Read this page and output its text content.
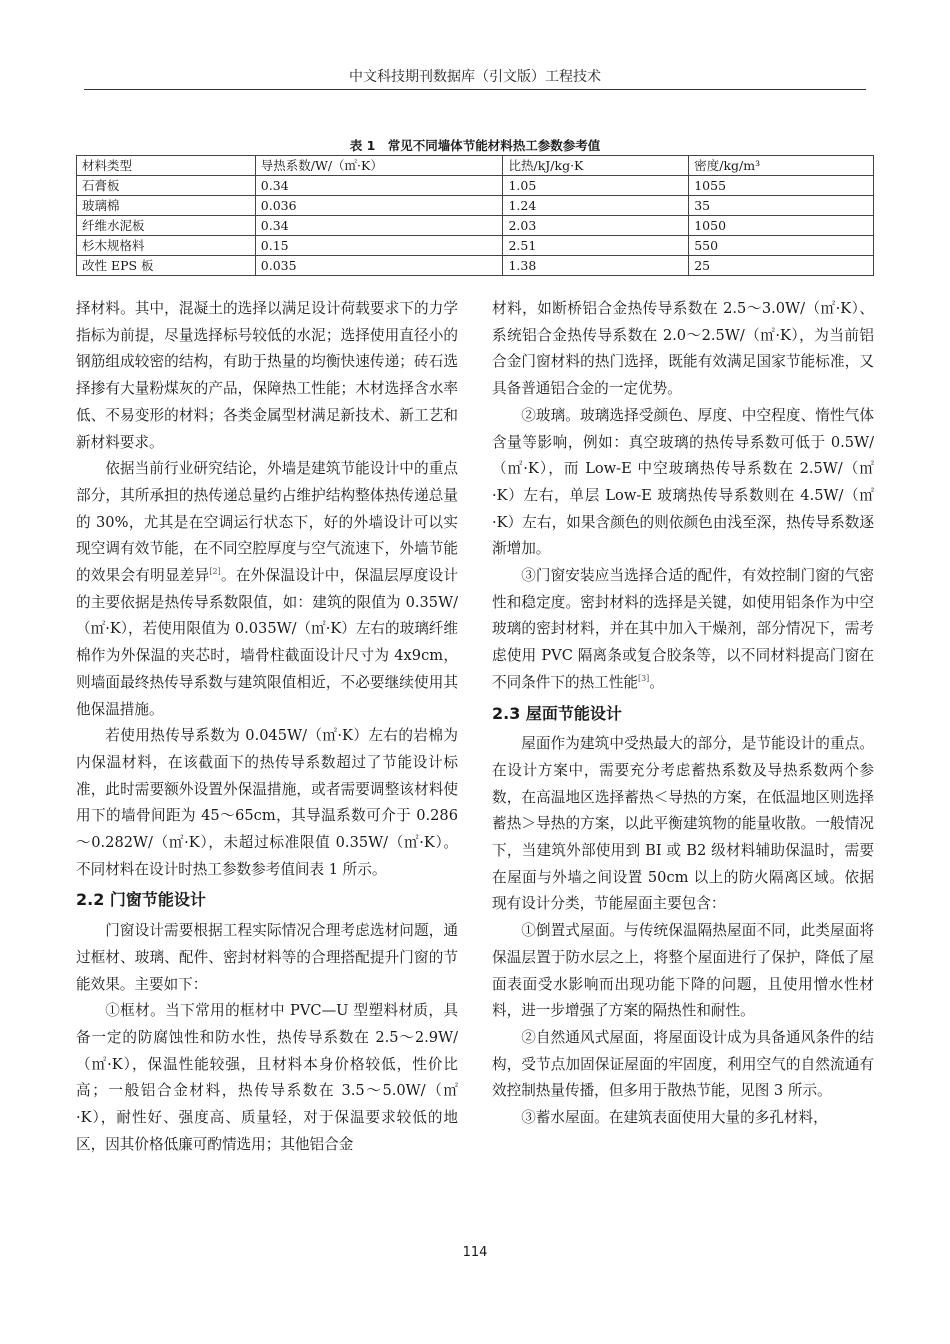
中文科技期刊数据库（引文版）工程技术
表 1　常见不同墙体节能材料热工参数参考值
材料类型	导热系数/W/（㎡·K）	比热/kJ/kg·K	密度/kg/m³
石膏板	0.34	1.05	1055
玻璃棉	0.036	1.24	35
纤维水泥板	0.34	2.03	1050
杉木规格料	0.15	2.51	550
改性 EPS 板	0.035	1.38	25

择材料。其中，混凝土的选择以满足设计荷载要求下的力学指标为前提，尽量选择标号较低的水泥；选择使用直径小的钢筋组成较密的结构，有助于热量的均衡快速传递；砖石选择掺有大量粉煤灰的产品，保障热工性能；木材选择含水率低、不易变形的材料；各类金属型材满足新技术、新工艺和新材料要求。

依据当前行业研究结论，外墙是建筑节能设计中的重点部分，其所承担的热传递总量约占维护结构整体热传递总量的 30%，尤其是在空调运行状态下，好的外墙设计可以实现空调有效节能，在不同空腔厚度与空气流速下，外墙节能的效果会有明显差异[2]。在外保温设计中，保温层厚度设计的主要依据是热传导系数限值，如：建筑的限值为 0.35W/（㎡·K），若使用限值为 0.035W/（㎡·K）左右的玻璃纤维棉作为外保温的夹芯时，墙骨柱截面设计尺寸为 4x9cm，则墙面最终热传导系数与建筑限值相近，不必要继续使用其他保温措施。

若使用热传导系数为 0.045W/（㎡·K）左右的岩棉为内保温材料，在该截面下的热传导系数超过了节能设计标准，此时需要额外设置外保温措施，或者需要调整该材料使用下的墙骨间距为 45～65cm，其导温系数可介于 0.286～0.282W/（㎡·K），未超过标准限值 0.35W/（㎡·K）。不同材料在设计时热工参数参考值间表 1 所示。

2.2 门窗节能设计

门窗设计需要根据工程实际情况合理考虑选材问题，通过框材、玻璃、配件、密封材料等的合理搭配提升门窗的节能效果。主要如下：

①框材。当下常用的框材中 PVC—U 型塑料材质，具备一定的防腐蚀性和防水性，热传导系数在 2.5～2.9W/（㎡·K），保温性能较强，且材料本身价格较低，性价比高；一般铝合金材料，热传导系数在 3.5～5.0W/（㎡·K），耐性好、强度高、质量轻，对于保温要求较低的地区，因其价格低廉可酌情选用；其他铝合金

材料，如断桥铝合金热传导系数在 2.5～3.0W/（㎡·K）、系统铝合金热传导系数在 2.0～2.5W/（㎡·K），为当前铝合金门窗材料的热门选择，既能有效满足国家节能标准，又具备普通铝合金的一定优势。

②玻璃。玻璃选择受颜色、厚度、中空程度、惰性气体含量等影响，例如：真空玻璃的热传导系数可低于 0.5W/（㎡·K），而 Low-E 中空玻璃热传导系数在 2.5W/（㎡·K）左右，单层 Low-E 玻璃热传导系数则在 4.5W/（㎡·K）左右，如果含颜色的则依颜色由浅至深，热传导系数逐渐增加。

③门窗安装应当选择合适的配件，有效控制门窗的气密性和稳定度。密封材料的选择是关键，如使用铝条作为中空玻璃的密封材料，并在其中加入干燥剂，部分情况下，需考虑使用 PVC 隔离条或复合胶条等，以不同材料提高门窗在不同条件下的热工性能[3]。

2.3 屋面节能设计

屋面作为建筑中受热最大的部分，是节能设计的重点。在设计方案中，需要充分考虑蓄热系数及导热系数两个参数，在高温地区选择蓄热＜导热的方案，在低温地区则选择蓄热＞导热的方案，以此平衡建筑物的能量收散。一般情况下，当建筑外部使用到 BI 或 B2 级材料辅助保温时，需要在屋面与外墙之间设置 50cm 以上的防火隔离区域。依据现有设计分类，节能屋面主要包含：

①倒置式屋面。与传统保温隔热屋面不同，此类屋面将保温层置于防水层之上，将整个屋面进行了保护，降低了屋面表面受水影响而出现功能下降的问题，且使用憎水性材料，进一步增强了方案的隔热性和耐性。

②自然通风式屋面，将屋面设计成为具备通风条件的结构，受节点加固保证屋面的牢固度，利用空气的自然流通有效控制热量传播，但多用于散热节能，见图 3 所示。

③蓄水屋面。在建筑表面使用大量的多孔材料，

114
